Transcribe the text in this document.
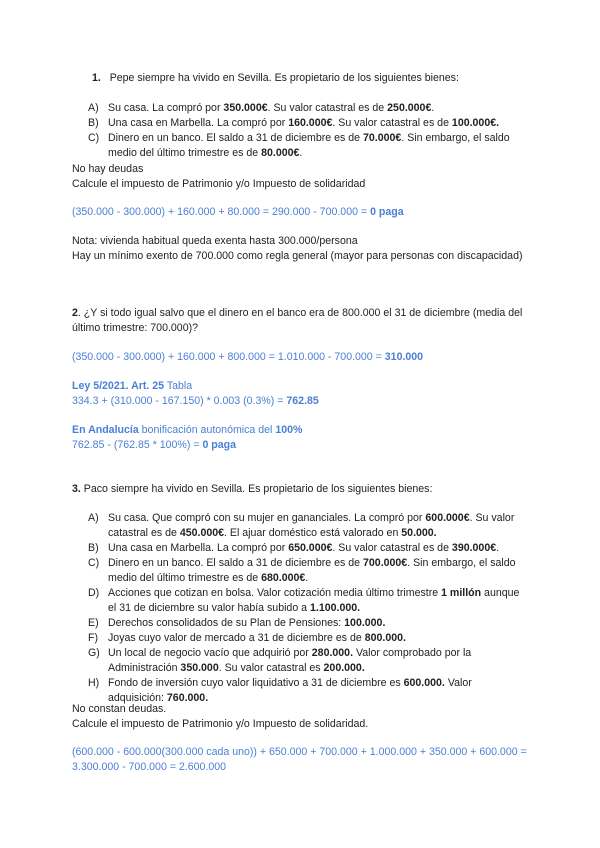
1. Pepe siempre ha vivido en Sevilla. Es propietario de los siguientes bienes:
A) Su casa. La compró por 350.000€. Su valor catastral es de 250.000€.
B) Una casa en Marbella. La compró por 160.000€. Su valor catastral es de 100.000€.
C) Dinero en un banco. El saldo a 31 de diciembre es de 70.000€. Sin embargo, el saldo medio del último trimestre es de 80.000€.
No hay deudas
Calcule el impuesto de Patrimonio y/o Impuesto de solidaridad
(350.000 - 300.000) + 160.000 + 80.000 = 290.000 - 700.000 = 0 paga
Nota: vivienda habitual queda exenta hasta 300.000/persona
Hay un mínimo exento de 700.000 como regla general (mayor para personas con discapacidad)
2. ¿Y si todo igual salvo que el dinero en el banco era de 800.000 el 31 de diciembre (media del último trimestre: 700.000)?
(350.000 - 300.000) + 160.000 + 800.000 = 1.010.000 - 700.000 = 310.000
Ley 5/2021. Art. 25 Tabla
334.3 + (310.000 - 167.150) * 0.003 (0.3%) = 762.85
En Andalucía bonificación autonómica del 100%
762.85 - (762.85 * 100%) = 0 paga
3. Paco siempre ha vivido en Sevilla. Es propietario de los siguientes bienes:
A) Su casa. Que compró con su mujer en gananciales. La compró por 600.000€. Su valor catastral es de 450.000€. El ajuar doméstico está valorado en 50.000.
B) Una casa en Marbella. La compró por 650.000€. Su valor catastral es de 390.000€.
C) Dinero en un banco. El saldo a 31 de diciembre es de 700.000€. Sin embargo, el saldo medio del último trimestre es de 680.000€.
D) Acciones que cotizan en bolsa. Valor cotización media último trimestre 1 millón aunque el 31 de diciembre su valor había subido a 1.100.000.
E) Derechos consolidados de su Plan de Pensiones: 100.000.
F) Joyas cuyo valor de mercado a 31 de diciembre es de 800.000.
G) Un local de negocio vacío que adquirió por 280.000. Valor comprobado por la Administración 350.000. Su valor catastral es 200.000.
H) Fondo de inversión cuyo valor liquidativo a 31 de diciembre es 600.000. Valor adquisición: 760.000.
No constan deudas.
Calcule el impuesto de Patrimonio y/o Impuesto de solidaridad.
(600.000 - 600.000(300.000 cada uno)) + 650.000 + 700.000 + 1.000.000 + 350.000 + 600.000 = 3.300.000 - 700.000 = 2.600.000
